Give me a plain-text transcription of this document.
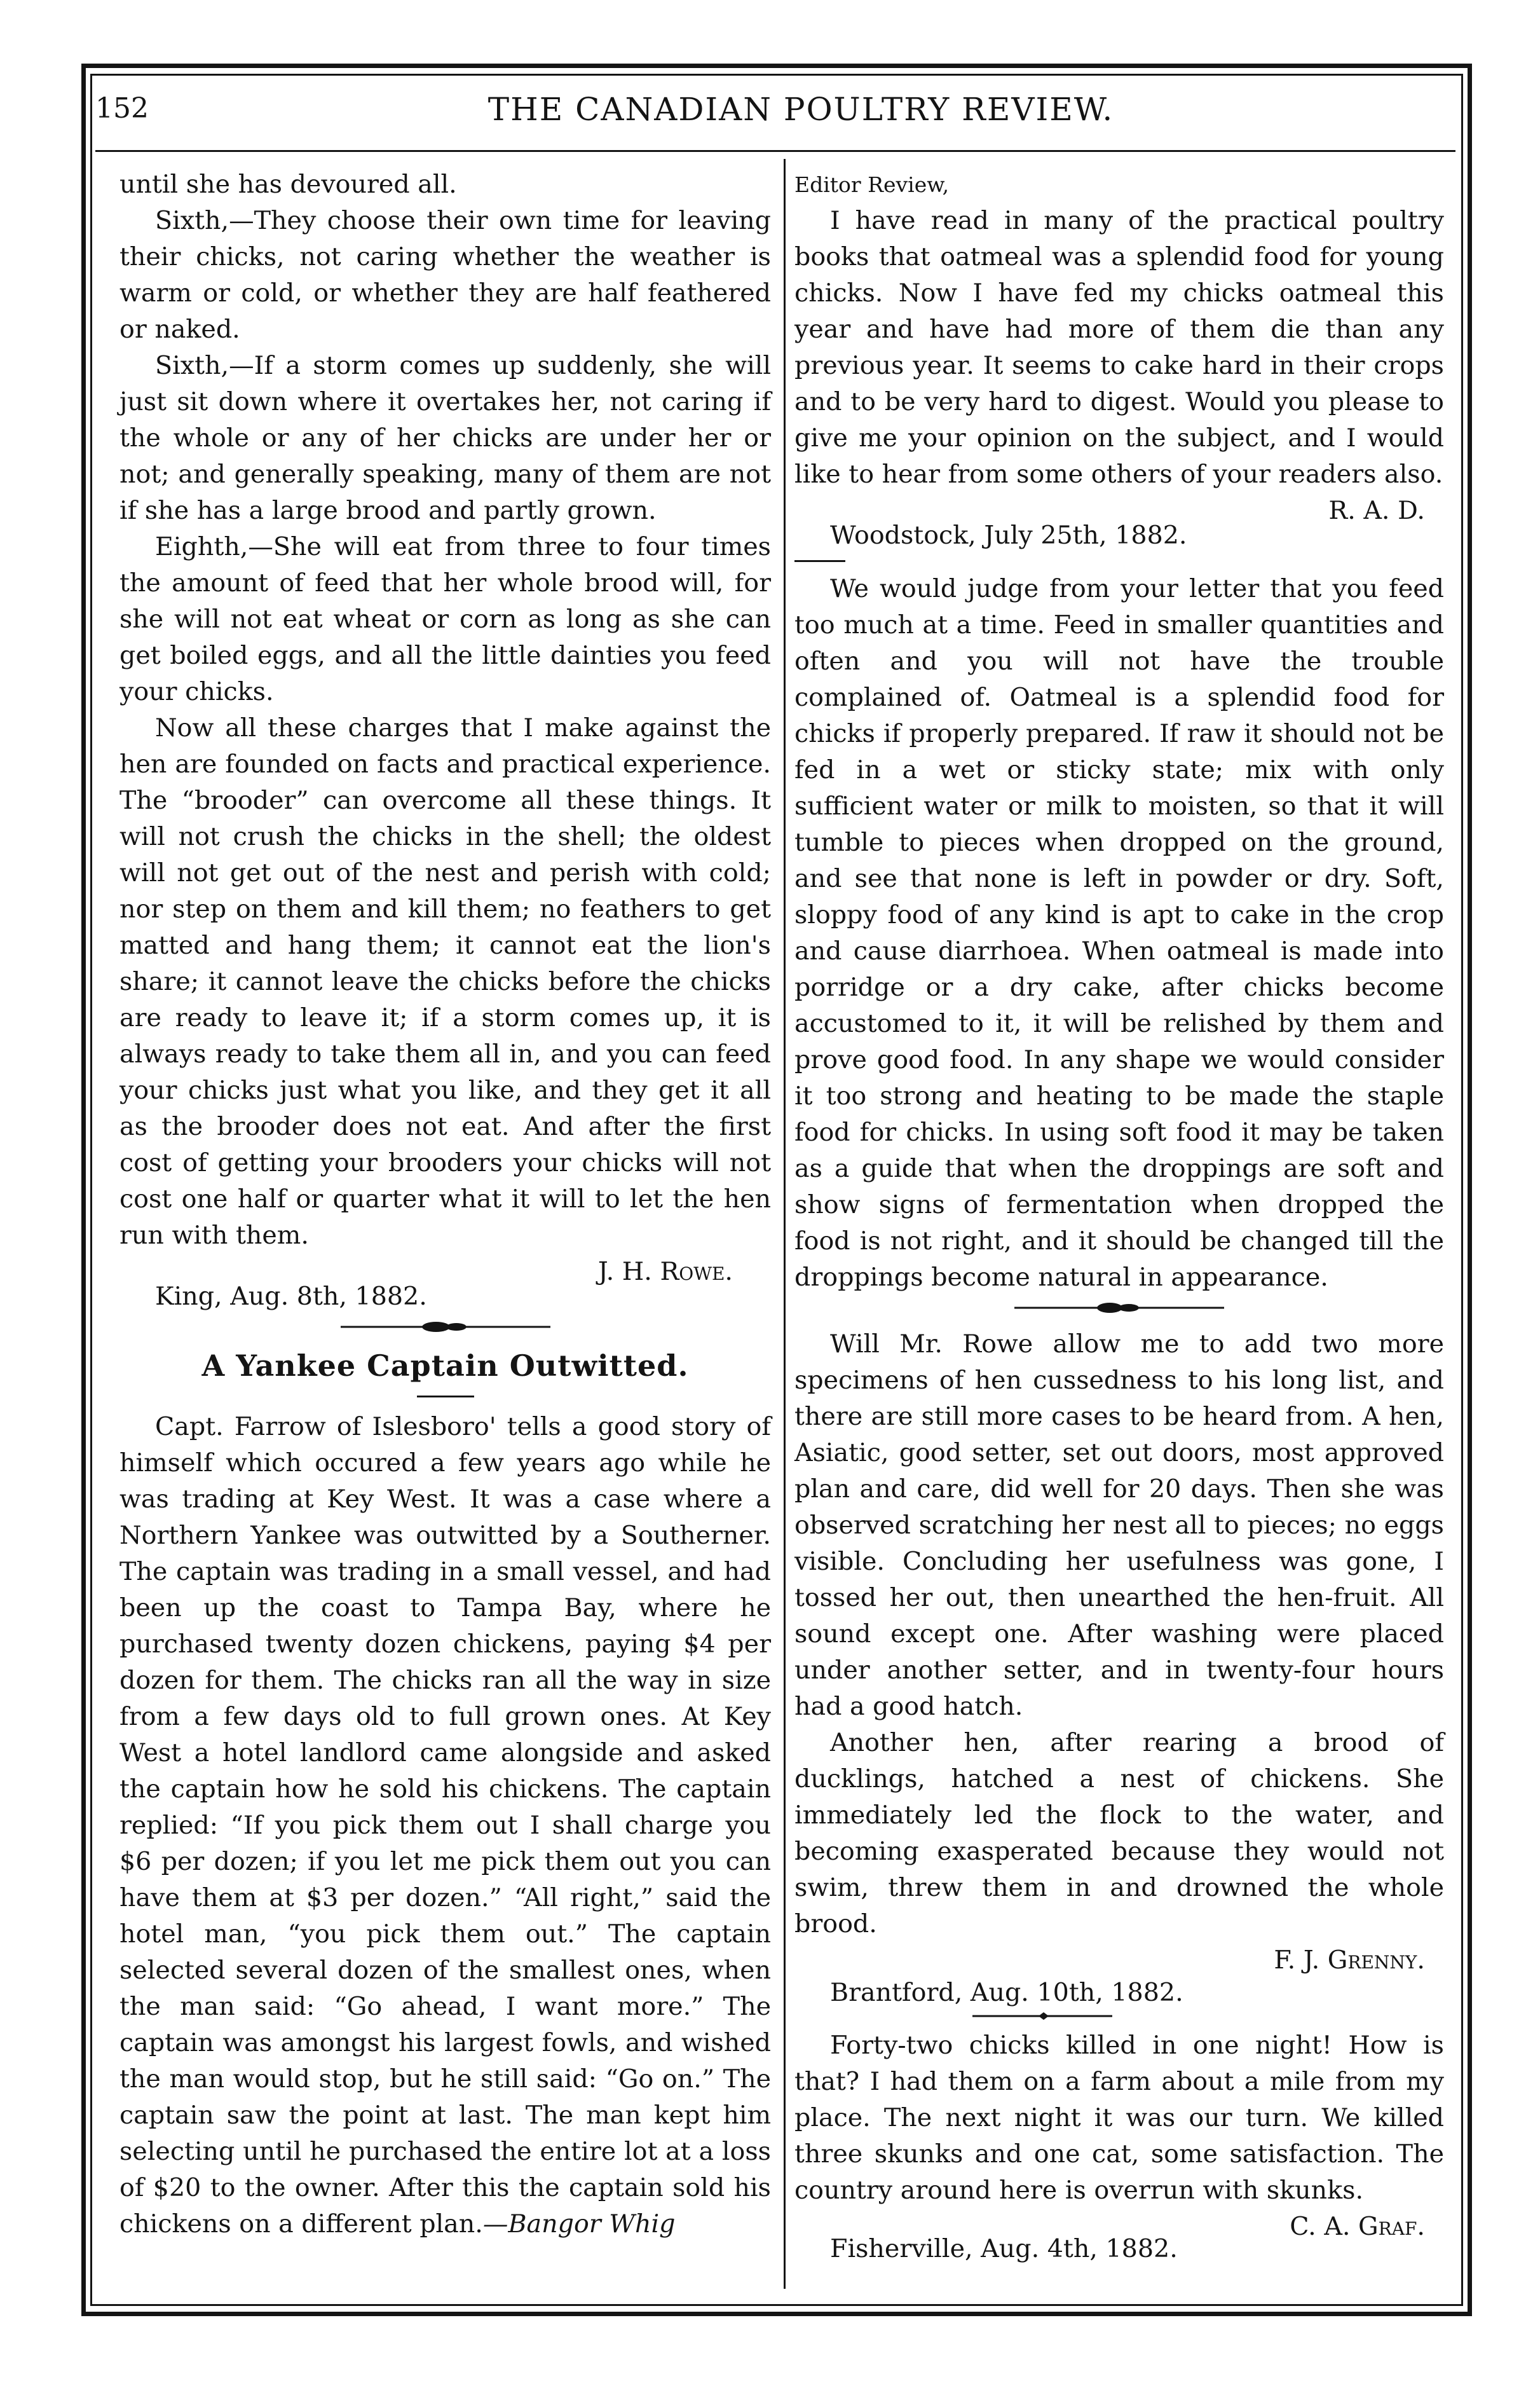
152	THE CANADIAN POULTRY REVIEW.

until she has devoured all.

Sixth,—They choose their own time for leaving their chicks, not caring whether the weather is warm or cold, or whether they are half feathered or naked.

Sixth,—If a storm comes up suddenly, she will just sit down where it overtakes her, not caring if the whole or any of her chicks are under her or not; and generally speaking, many of them are not if she has a large brood and partly grown.

Eighth,—She will eat from three to four times the amount of feed that her whole brood will, for she will not eat wheat or corn as long as she can get boiled eggs, and all the little dainties you feed your chicks.

Now all these charges that I make against the hen are founded on facts and practical experience. The “brooder” can overcome all these things. It will not crush the chicks in the shell; the oldest will not get out of the nest and perish with cold; nor step on them and kill them; no feathers to get matted and hang them; it cannot eat the lion's share; it cannot leave the chicks before the chicks are ready to leave it; if a storm comes up, it is always ready to take them all in, and you can feed your chicks just what you like, and they get it all as the brooder does not eat. And after the first cost of getting your brooders your chicks will not cost one half or quarter what it will to let the hen run with them.

J. H. Rowe.

King, Aug. 8th, 1882.

A Yankee Captain Outwitted.

Capt. Farrow of Islesboro' tells a good story of himself which occured a few years ago while he was trading at Key West. It was a case where a Northern Yankee was outwitted by a Southerner. The captain was trading in a small vessel, and had been up the coast to Tampa Bay, where he purchased twenty dozen chickens, paying $4 per dozen for them. The chicks ran all the way in size from a few days old to full grown ones. At Key West a hotel landlord came alongside and asked the captain how he sold his chickens. The captain replied: “If you pick them out I shall charge you $6 per dozen; if you let me pick them out you can have them at $3 per dozen.” “All right,” said the hotel man, “you pick them out.” The captain selected several dozen of the smallest ones, when the man said: “Go ahead, I want more.” The captain was amongst his largest fowls, and wished the man would stop, but he still said: “Go on.” The captain saw the point at last. The man kept him selecting until he purchased the entire lot at a loss of $20 to the owner. After this the captain sold his chickens on a different plan.—Bangor Whig

Editor Review,

I have read in many of the practical poultry books that oatmeal was a splendid food for young chicks. Now I have fed my chicks oatmeal this year and have had more of them die than any previous year. It seems to cake hard in their crops and to be very hard to digest. Would you please to give me your opinion on the subject, and I would like to hear from some others of your readers also.

R. A. D.

Woodstock, July 25th, 1882.

We would judge from your letter that you feed too much at a time. Feed in smaller quantities and often and you will not have the trouble complained of. Oatmeal is a splendid food for chicks if properly prepared. If raw it should not be fed in a wet or sticky state; mix with only sufficient water or milk to moisten, so that it will tumble to pieces when dropped on the ground, and see that none is left in powder or dry. Soft, sloppy food of any kind is apt to cake in the crop and cause diarrhoea. When oatmeal is made into porridge or a dry cake, after chicks become accustomed to it, it will be relished by them and prove good food. In any shape we would consider it too strong and heating to be made the staple food for chicks. In using soft food it may be taken as a guide that when the droppings are soft and show signs of fermentation when dropped the food is not right, and it should be changed till the droppings become natural in appearance.

Will Mr. Rowe allow me to add two more specimens of hen cussedness to his long list, and there are still more cases to be heard from. A hen, Asiatic, good setter, set out doors, most approved plan and care, did well for 20 days. Then she was observed scratching her nest all to pieces; no eggs visible. Concluding her usefulness was gone, I tossed her out, then unearthed the hen-fruit. All sound except one. After washing were placed under another setter, and in twenty-four hours had a good hatch.

Another hen, after rearing a brood of ducklings, hatched a nest of chickens. She immediately led the flock to the water, and becoming exasperated because they would not swim, threw them in and drowned the whole brood.

F. J. Grenny.

Brantford, Aug. 10th, 1882.

Forty-two chicks killed in one night! How is that? I had them on a farm about a mile from my place. The next night it was our turn. We killed three skunks and one cat, some satisfaction. The country around here is overrun with skunks.

C. A. Graf.

Fisherville, Aug. 4th, 1882.
